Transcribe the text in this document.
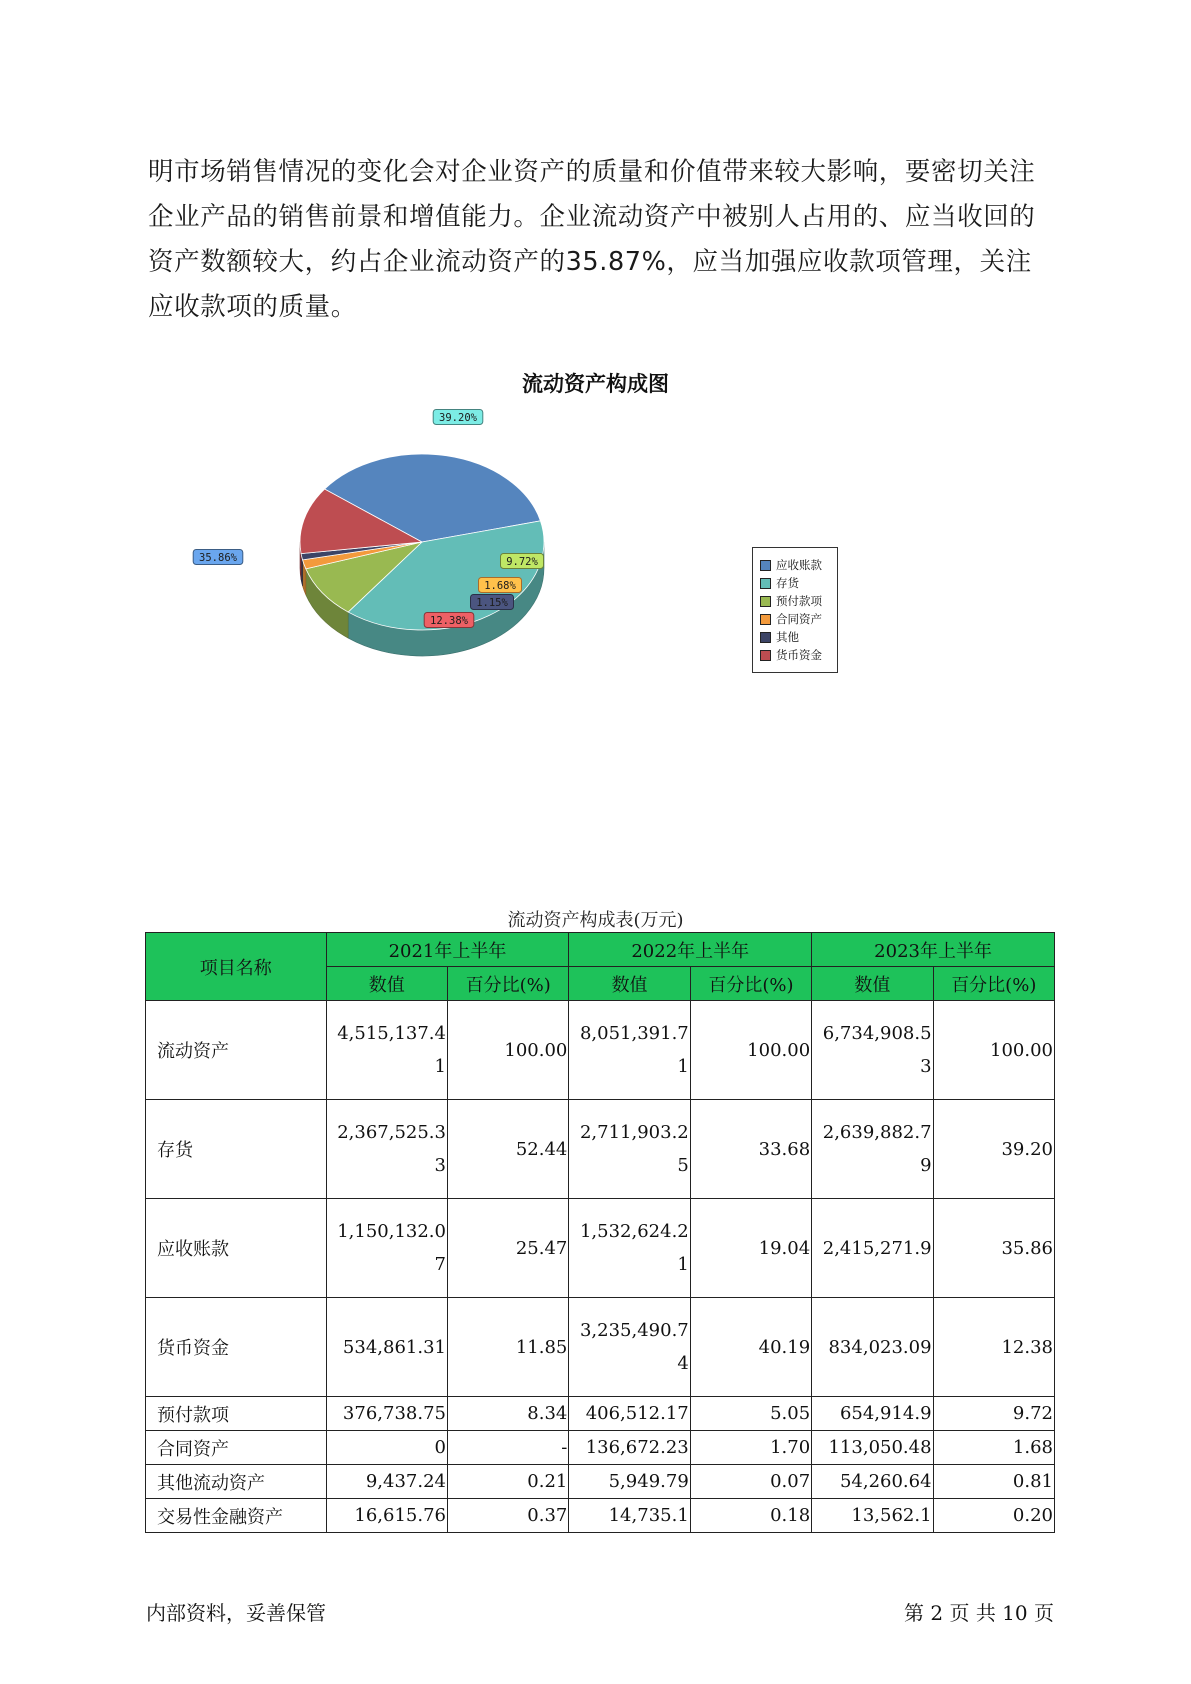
明市场销售情况的变化会对企业资产的质量和价值带来较大影响，要密切关注企业产品的销售前景和增值能力。企业流动资产中被别人占用的、应当收回的资产数额较大，约占企业流动资产的35.87%，应当加强应收款项管理，关注应收款项的质量。

流动资产构成图
35.86%
39.20%
9.72%
1.68%
1.15%
12.38%
应收账款
存货
预付款项
合同资产
其他
货币资金

流动资产构成表(万元)

项目名称	2021年上半年		2022年上半年		2023年上半年	
	数值	百分比(%)	数值	百分比(%)	数值	百分比(%)
流动资产	4,515,137.41	100.00	8,051,391.71	100.00	6,734,908.53	100.00
存货	2,367,525.33	52.44	2,711,903.25	33.68	2,639,882.79	39.20
应收账款	1,150,132.07	25.47	1,532,624.21	19.04	2,415,271.9	35.86
货币资金	534,861.31	11.85	3,235,490.74	40.19	834,023.09	12.38
预付款项	376,738.75	8.34	406,512.17	5.05	654,914.9	9.72
合同资产	0	-	136,672.23	1.70	113,050.48	1.68
其他流动资产	9,437.24	0.21	5,949.79	0.07	54,260.64	0.81
交易性金融资产	16,615.76	0.37	14,735.1	0.18	13,562.1	0.20

内部资料，妥善保管	第 2 页 共 10 页
